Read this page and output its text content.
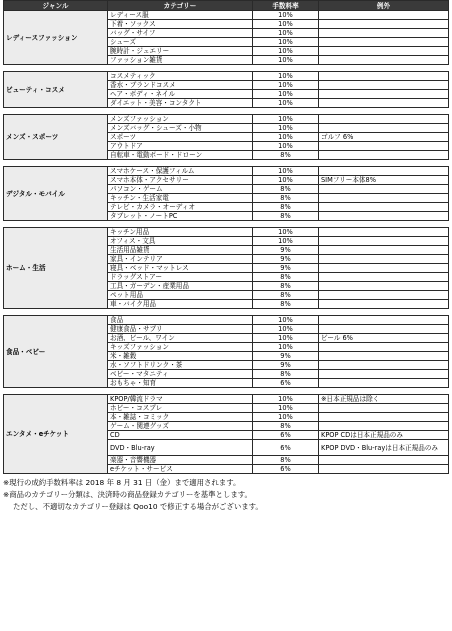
ジャンル	カテゴリー	手数料率	例外
レディースファッション	レディース服	10%	
	下着・ソックス	10%	
	バッグ・サイフ	10%	
	シューズ	10%	
	腕時計・ジュエリー	10%	
	ファッション雑貨	10%	

ビューティ・コスメ	コスメティック	10%	
	香水・ブランドコスメ	10%	
	ヘア・ボディ・ネイル	10%	
	ダイエット・美容・コンタクト	10%	

メンズ・スポーツ	メンズファッション	10%	
	メンズバッグ・シューズ・小物	10%	
	スポーツ	10%	ゴルフ 6%
	アウトドア	10%	
	自転車・電動ボード・ドローン	8%	

デジタル・モバイル	スマホケース・保護フィルム	10%	
	スマホ本体・アクセサリー	10%	SIMフリー本体8%
	パソコン・ゲーム	8%	
	キッチン・生活家電	8%	
	テレビ・カメラ・オーディオ	8%	
	タブレット・ノートPC	8%	

ホーム・生活	キッチン用品	10%	
	オフィス・文具	10%	
	生活用品雑貨	9%	
	家具・インテリア	9%	
	寝具・ベッド・マットレス	9%	
	ドラッグストアー	8%	
	工具・ガーデン・産業用品	8%	
	ペット用品	8%	
	車・バイク用品	8%	

食品・ベビー	食品	10%	
	健康食品・サプリ	10%	
	お酒、ビール、ワイン	10%	ビール 6%
	キッズファッション	10%	
	米・雑穀	9%	
	水・ソフトドリンク・茶	9%	
	ベビー・マタニティ	8%	
	おもちゃ・知育	6%	

エンタメ・eチケット	KPOP/韓流ドラマ	10%	※日本正規品は除く
	ホビー・コスプレ	10%	
	本・雑誌・コミック	10%	
	ゲーム・関連グッズ	8%	
	CD	6%	KPOP CDは日本正規品のみ
	DVD・Blu-ray	6%	KPOP DVD・Blu-rayは日本正規品のみ
	楽器・音響機器	8%	
	eチケット・サービス	6%	
※現行の成約手数料率は 2018 年 8 月 31 日（金）まで適用されます。
※商品のカテゴリー分類は、決済時の商品登録カテゴリーを基準とします。
ただし、不適切なカテゴリー登録は Qoo10 で修正する場合がございます。
